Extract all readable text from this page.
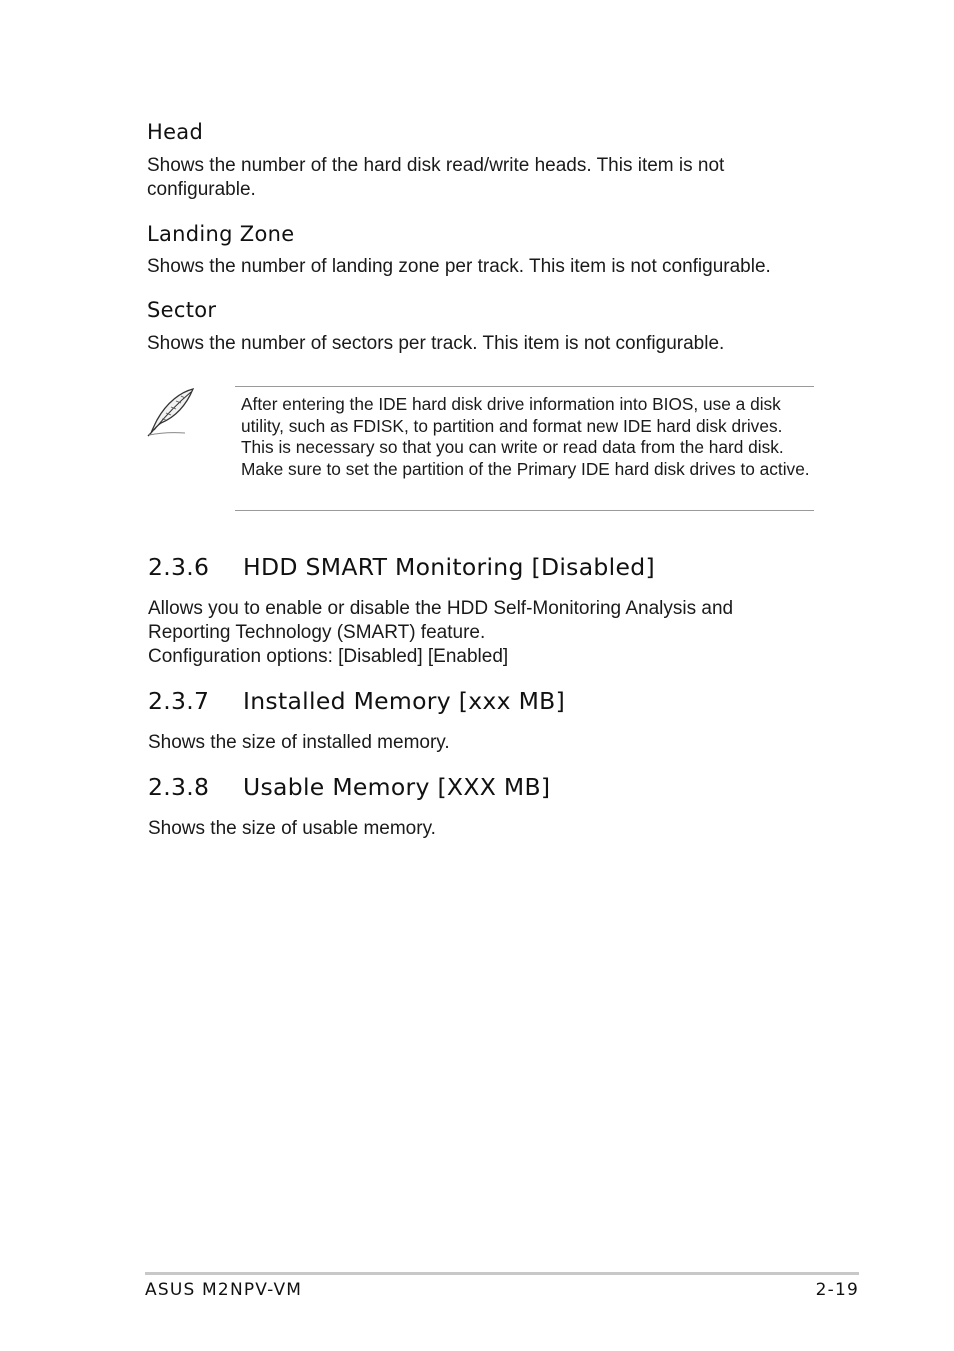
Head

Shows the number of the hard disk read/write heads. This item is not configurable.

Landing Zone

Shows the number of landing zone per track. This item is not configurable.

Sector

Shows the number of sectors per track. This item is not configurable.

After entering the IDE hard disk drive information into BIOS, use a disk utility, such as FDISK, to partition and format new IDE hard disk drives. This is necessary so that you can write or read data from the hard disk. Make sure to set the partition of the Primary IDE hard disk drives to active.

2.3.6 HDD SMART Monitoring [Disabled]

Allows you to enable or disable the HDD Self-Monitoring Analysis and
Reporting Technology (SMART) feature.
Configuration options: [Disabled] [Enabled]

2.3.7 Installed Memory [xxx MB]

Shows the size of installed memory.

2.3.8 Usable Memory [XXX MB]

Shows the size of usable memory.

ASUS M2NPV-VM	2-19
